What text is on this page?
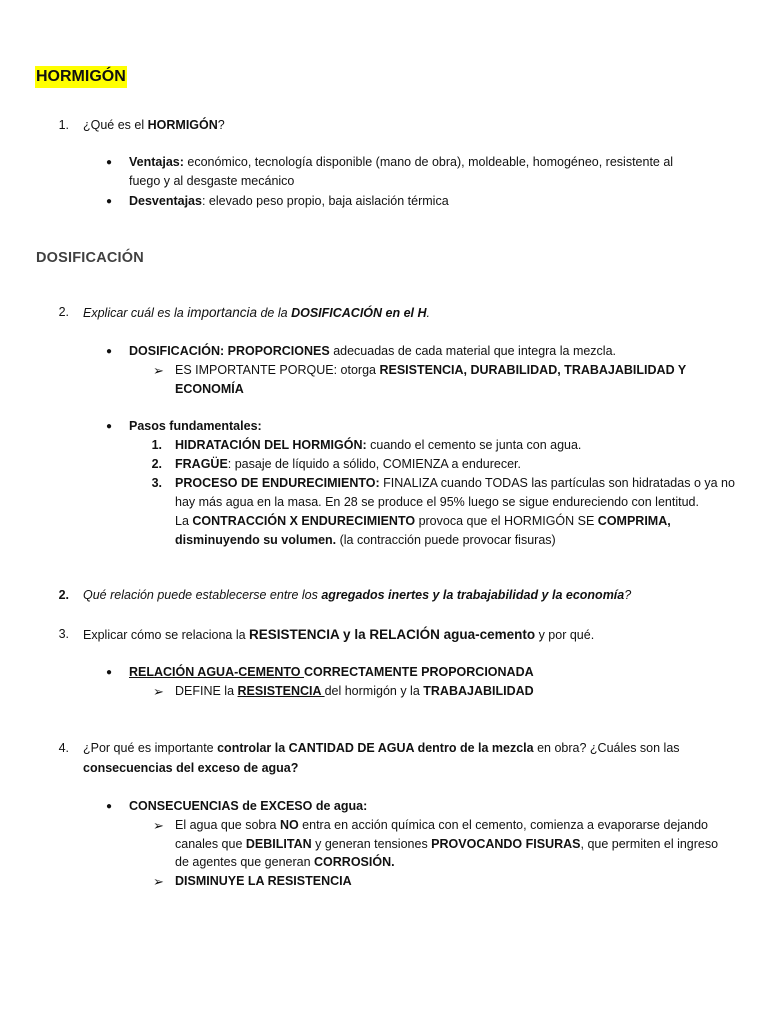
HORMIGÓN
1. ¿Qué es el HORMIGÓN?
● Ventajas: económico, tecnología disponible (mano de obra), moldeable, homogéneo, resistente al
fuego y al desgaste mecánico
● Desventajas: elevado peso propio, baja aislación térmica
DOSIFICACIÓN
2. Explicar cuál es la importancia de la DOSIFICACIÓN en el H.
● DOSIFICACIÓN: PROPORCIONES adecuadas de cada material que integra la mezcla.
➢ ES IMPORTANTE PORQUE: otorga RESISTENCIA, DURABILIDAD, TRABAJABILIDAD Y
ECONOMÍA
● Pasos fundamentales:
1. HIDRATACIÓN DEL HORMIGÓN: cuando el cemento se junta con agua.
2. FRAGÜE: pasaje de líquido a sólido, COMIENZA a endurecer.
3. PROCESO DE ENDURECIMIENTO: FINALIZA cuando TODAS las partículas son hidratadas o ya no
hay más agua en la masa. En 28 se produce el 95% luego se sigue endureciendo con lentitud.
La CONTRACCIÓN X ENDURECIMIENTO provoca que el HORMIGÓN SE COMPRIMA,
disminuyendo su volumen. (la contracción puede provocar fisuras)
2. Qué relación puede establecerse entre los agregados inertes y la trabajabilidad y la economía?
3. Explicar cómo se relaciona la RESISTENCIA y la RELACIÓN agua-cemento y por qué.
● RELACIÓN AGUA-CEMENTO CORRECTAMENTE PROPORCIONADA
➢ DEFINE la RESISTENCIA del hormigón y la TRABAJABILIDAD
4. ¿Por qué es importante controlar la CANTIDAD DE AGUA dentro de la mezcla en obra? ¿Cuáles son las
consecuencias del exceso de agua?
● CONSECUENCIAS de EXCESO de agua:
➢ El agua que sobra NO entra en acción química con el cemento, comienza a evaporarse dejando
canales que DEBILITAN y generan tensiones PROVOCANDO FISURAS, que permiten el ingreso
de agentes que generan CORROSIÓN.
➢ DISMINUYE LA RESISTENCIA
